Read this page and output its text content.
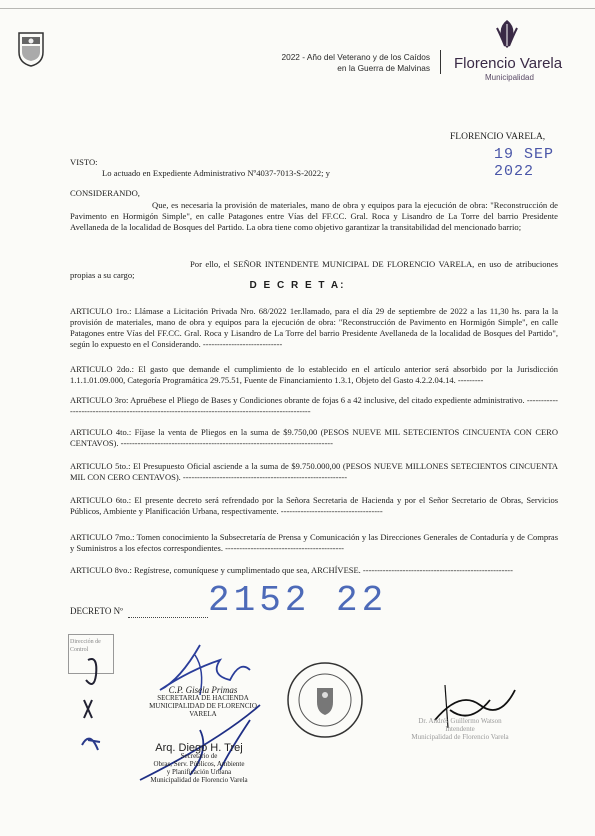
2022 - Año del Veterano y de los Caídos
en la Guerra de Malvinas Florencio Varela
Municipalidad
FLORENCIO VARELA,
19 SEP 2022
VISTO:
Lo actuado en Expediente Administrativo Nº4037-7013-S-2022; y
CONSIDERANDO,
Que, es necesaria la provisión de materiales, mano de obra y equipos para la ejecución de obra: "Reconstrucción de Pavimento en Hormigón Simple", en calle Patagones entre Vías del FF.CC. Gral. Roca y Lisandro de La Torre del barrio Presidente Avellaneda de la localidad de Bosques del Partido. La obra tiene como objetivo garantizar la transitabilidad del mencionado barrio;
Por ello, el SEÑOR INTENDENTE MUNICIPAL DE FLORENCIO VARELA, en uso de atribuciones propias a su cargo;
D E C R E T A:
ARTICULO 1ro.: Llámase a Licitación Privada Nro. 68/2022 1er.llamado, para el día 29 de septiembre de 2022 a las 11,30 hs. para la la provisión de materiales, mano de obra y equipos para la ejecución de obra: "Reconstrucción de Pavimento en Hormigón Simple", en calle Patagones entre Vías del FF.CC. Gral. Roca y Lisandro de La Torre del barrio Presidente Avellaneda de la localidad de Bosques del Partido", según lo expuesto en el Considerando. ----------------------------
ARTICULO 2do.: El gasto que demande el cumplimiento de lo establecido en el artículo anterior será absorbido por la Jurisdicción 1.1.1.01.09.000, Categoría Programática 29.75.51, Fuente de Financiamiento 1.3.1, Objeto del Gasto 4.2.2.04.14. ---------
ARTICULO 3ro: Apruébese el Pliego de Bases y Condiciones obrante de fojas 6 a 42 inclusive, del citado expediente administrativo. ------------------------------------------------------------------------------------------------
ARTICULO 4to.: Fíjase la venta de Pliegos en la suma de $9.750,00 (PESOS NUEVE MIL SETECIENTOS CINCUENTA CON CERO CENTAVOS). ---------------------------------------------------------------------------
ARTICULO 5to.: El Presupuesto Oficial asciende a la suma de $9.750.000,00 (PESOS NUEVE MILLONES SETECIENTOS CINCUENTA MIL CON CERO CENTAVOS). ----------------------------------------------------------
ARTICULO 6to.: El presente decreto será refrendado por la Señora Secretaria de Hacienda y por el Señor Secretario de Obras, Servicios Públicos, Ambiente y Planificación Urbana, respectivamente. ------------------------------------
ARTICULO 7mo.: Tomen conocimiento la Subsecretaría de Prensa y Comunicación y las Direcciones Generales de Contaduría y de Compras y Suministros a los efectos correspondientes. ------------------------------------------
ARTICULO 8vo.: Regístrese, comuníquese y cumplimentado que sea, ARCHÍVESE. -----------------------------------------------------
DECRETO Nº 2152 22
Dirección de
Control
C.P. Gisela Primas
SECRETARIA DE HACIENDA
MUNICIPALIDAD DE FLORENCIO VARELA
Arq. Diego H. Trej
Secretario de
Obras, Serv. Públicos, Ambiente
y Planificación Urbana
Municipalidad de Florencio Varela
Dr. Andrés Guillermo Watson
Intendente
Municipalidad de Florencio Varela
